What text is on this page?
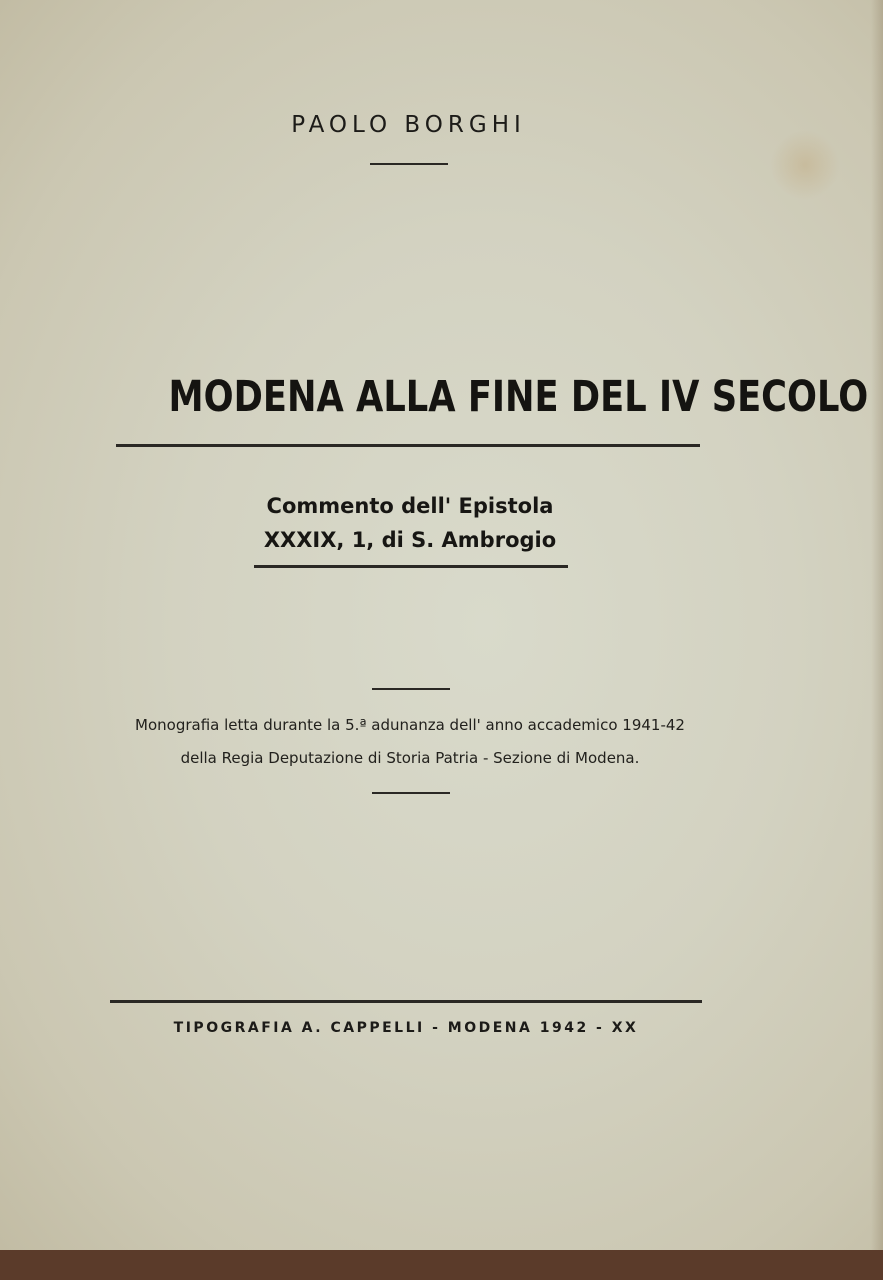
PAOLO BORGHI
MODENA ALLA FINE DEL IV SECOLO
Commento dell' Epistola
XXXIX, 1, di S. Ambrogio
Monografia letta durante la 5.ª adunanza dell' anno accademico 1941-42
della Regia Deputazione di Storia Patria - Sezione di Modena.
TIPOGRAFIA A. CAPPELLI - MODENA 1942 - XX
